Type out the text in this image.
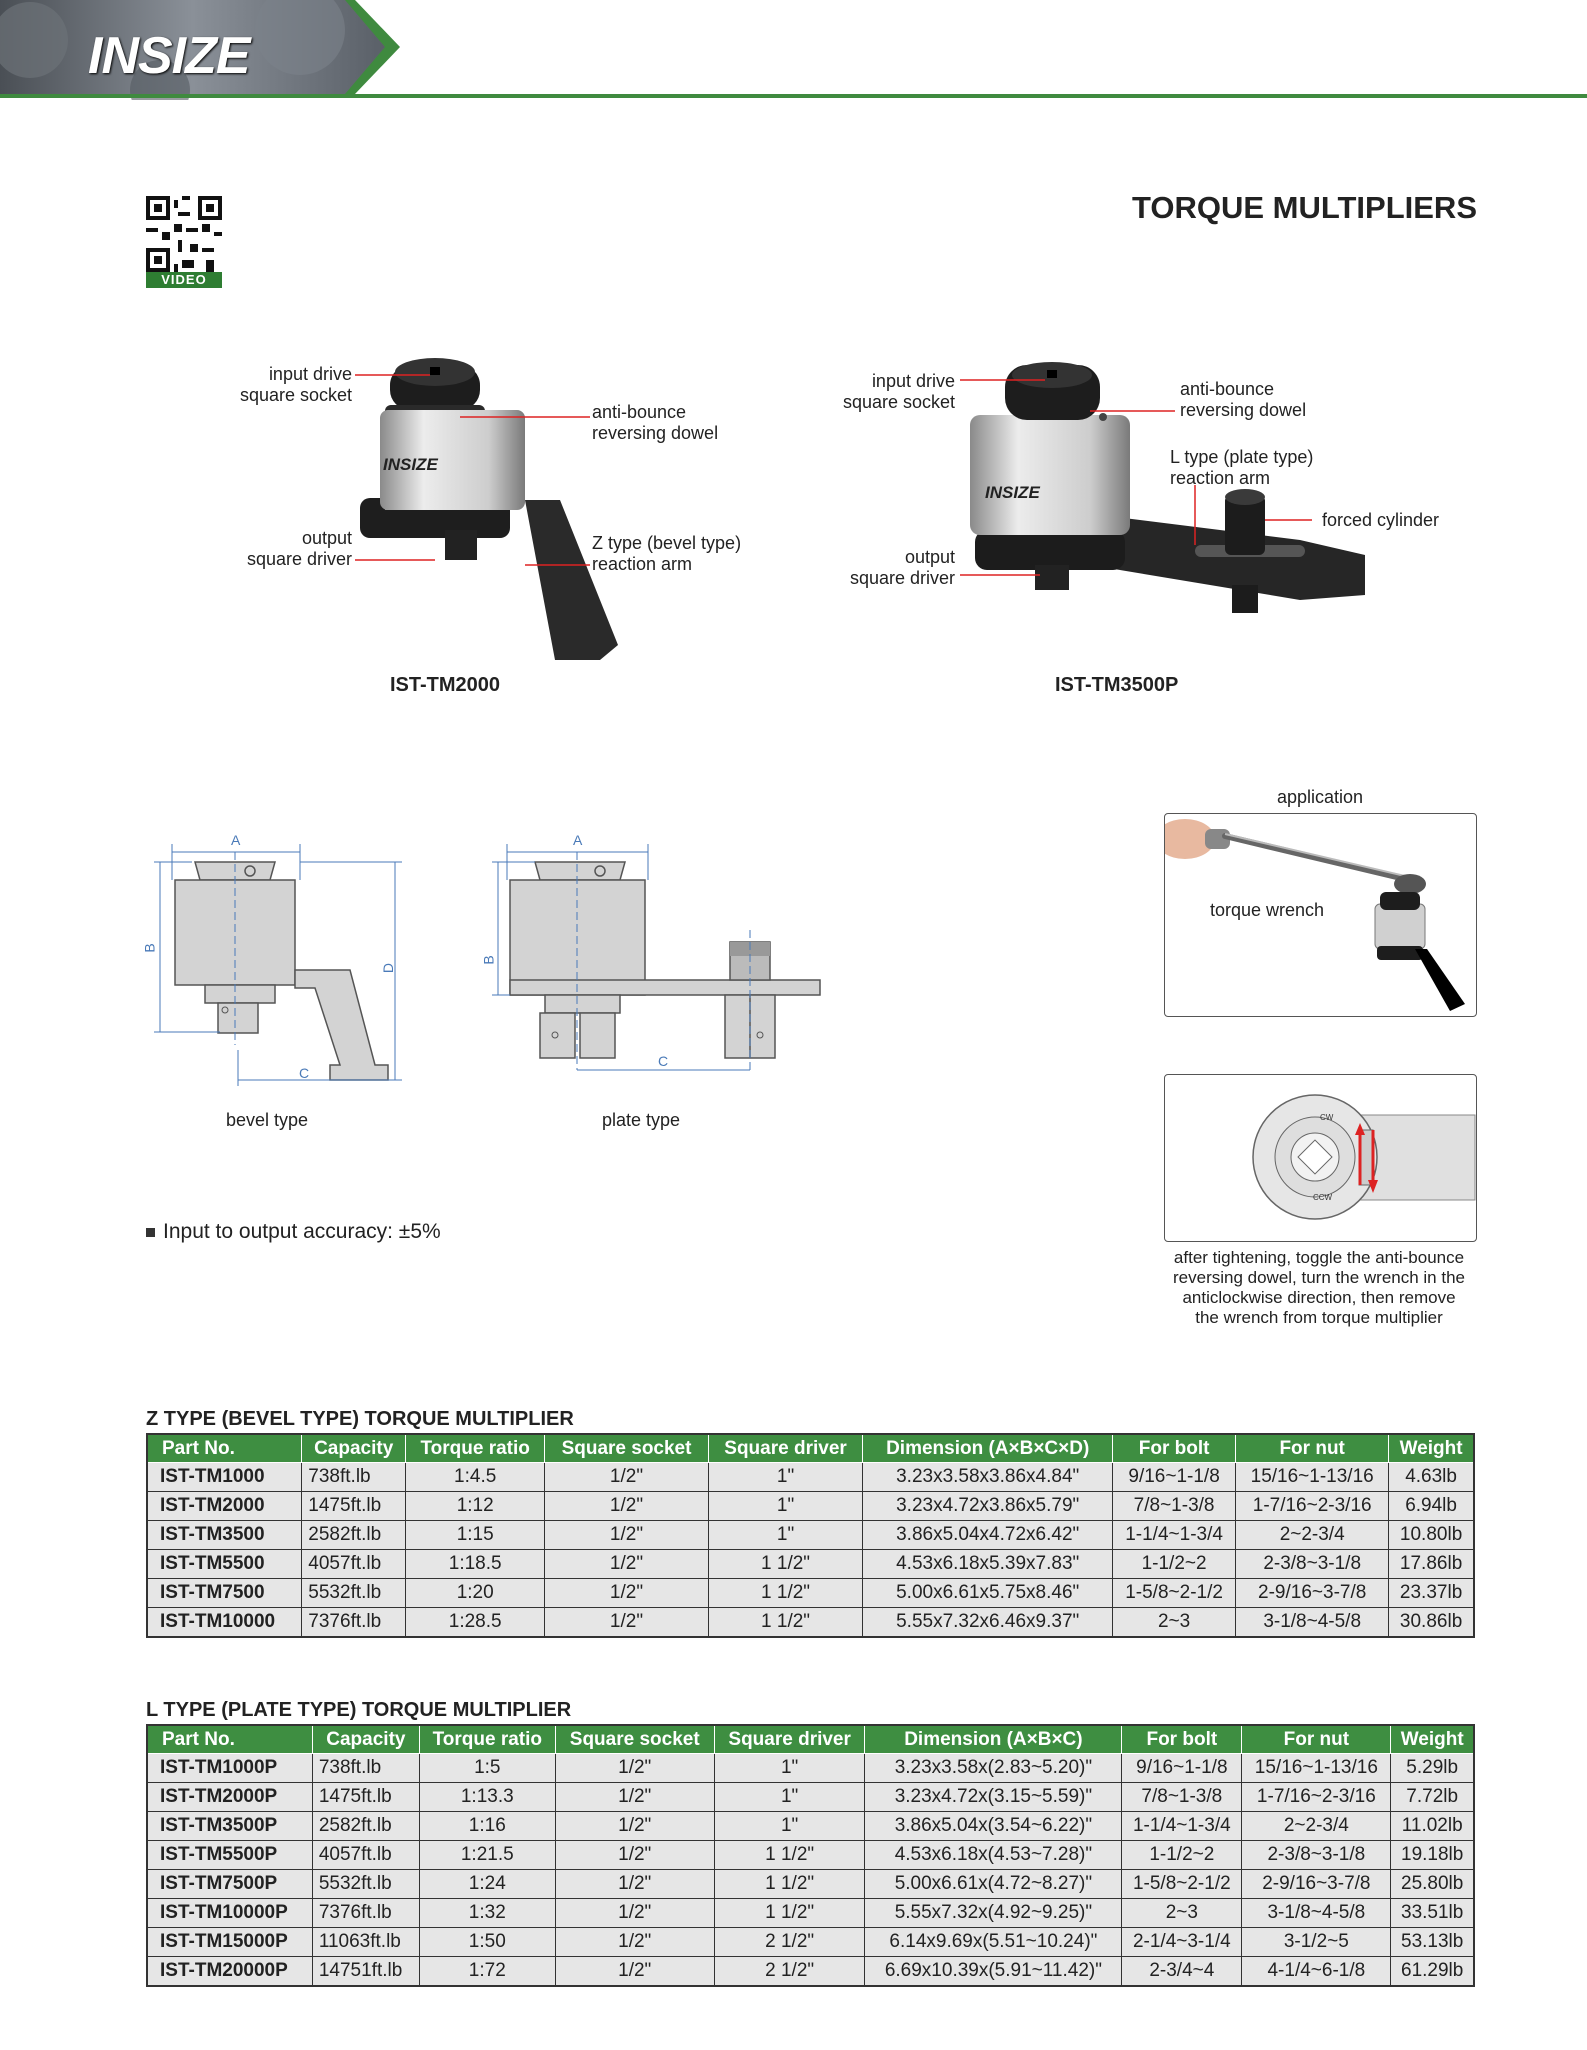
INSIZE
VIDEO
TORQUE MULTIPLIERS
INSIZE
input drive
square socket
anti-bounce
reversing dowel
output
square driver
Z type (bevel type)
reaction arm
IST-TM2000
INSIZE
input drive
square socket
anti-bounce
reversing dowel
L type (plate type)
reaction arm
forced cylinder
output
square driver
IST-TM3500P
A
B
D
C
bevel type
A
B
C
plate type
application
torque wrench
CW
CCW
after tightening, toggle the anti-bounce
reversing dowel, turn the wrench in the
anticlockwise direction, then remove
the wrench from torque multiplier
Input to output accuracy: ±5%
Z TYPE (BEVEL TYPE) TORQUE MULTIPLIER
Part No.	Capacity	Torque ratio	Square socket	Square driver	Dimension (A×B×C×D)	For bolt	For nut	Weight
IST-TM1000	738ft.lb	1:4.5	1/2"	1"	3.23x3.58x3.86x4.84"	9/16~1-1/8	15/16~1-13/16	4.63lb
IST-TM2000	1475ft.lb	1:12	1/2"	1"	3.23x4.72x3.86x5.79"	7/8~1-3/8	1-7/16~2-3/16	6.94lb
IST-TM3500	2582ft.lb	1:15	1/2"	1"	3.86x5.04x4.72x6.42"	1-1/4~1-3/4	2~2-3/4	10.80lb
IST-TM5500	4057ft.lb	1:18.5	1/2"	1 1/2"	4.53x6.18x5.39x7.83"	1-1/2~2	2-3/8~3-1/8	17.86lb
IST-TM7500	5532ft.lb	1:20	1/2"	1 1/2"	5.00x6.61x5.75x8.46"	1-5/8~2-1/2	2-9/16~3-7/8	23.37lb
IST-TM10000	7376ft.lb	1:28.5	1/2"	1 1/2"	5.55x7.32x6.46x9.37"	2~3	3-1/8~4-5/8	30.86lb
L TYPE (PLATE TYPE) TORQUE MULTIPLIER
Part No.	Capacity	Torque ratio	Square socket	Square driver	Dimension (A×B×C)	For bolt	For nut	Weight
IST-TM1000P	738ft.lb	1:5	1/2"	1"	3.23x3.58x(2.83~5.20)"	9/16~1-1/8	15/16~1-13/16	5.29lb
IST-TM2000P	1475ft.lb	1:13.3	1/2"	1"	3.23x4.72x(3.15~5.59)"	7/8~1-3/8	1-7/16~2-3/16	7.72lb
IST-TM3500P	2582ft.lb	1:16	1/2"	1"	3.86x5.04x(3.54~6.22)"	1-1/4~1-3/4	2~2-3/4	11.02lb
IST-TM5500P	4057ft.lb	1:21.5	1/2"	1 1/2"	4.53x6.18x(4.53~7.28)"	1-1/2~2	2-3/8~3-1/8	19.18lb
IST-TM7500P	5532ft.lb	1:24	1/2"	1 1/2"	5.00x6.61x(4.72~8.27)"	1-5/8~2-1/2	2-9/16~3-7/8	25.80lb
IST-TM10000P	7376ft.lb	1:32	1/2"	1 1/2"	5.55x7.32x(4.92~9.25)"	2~3	3-1/8~4-5/8	33.51lb
IST-TM15000P	11063ft.lb	1:50	1/2"	2 1/2"	6.14x9.69x(5.51~10.24)"	2-1/4~3-1/4	3-1/2~5	53.13lb
IST-TM20000P	14751ft.lb	1:72	1/2"	2 1/2"	6.69x10.39x(5.91~11.42)"	2-3/4~4	4-1/4~6-1/8	61.29lb
